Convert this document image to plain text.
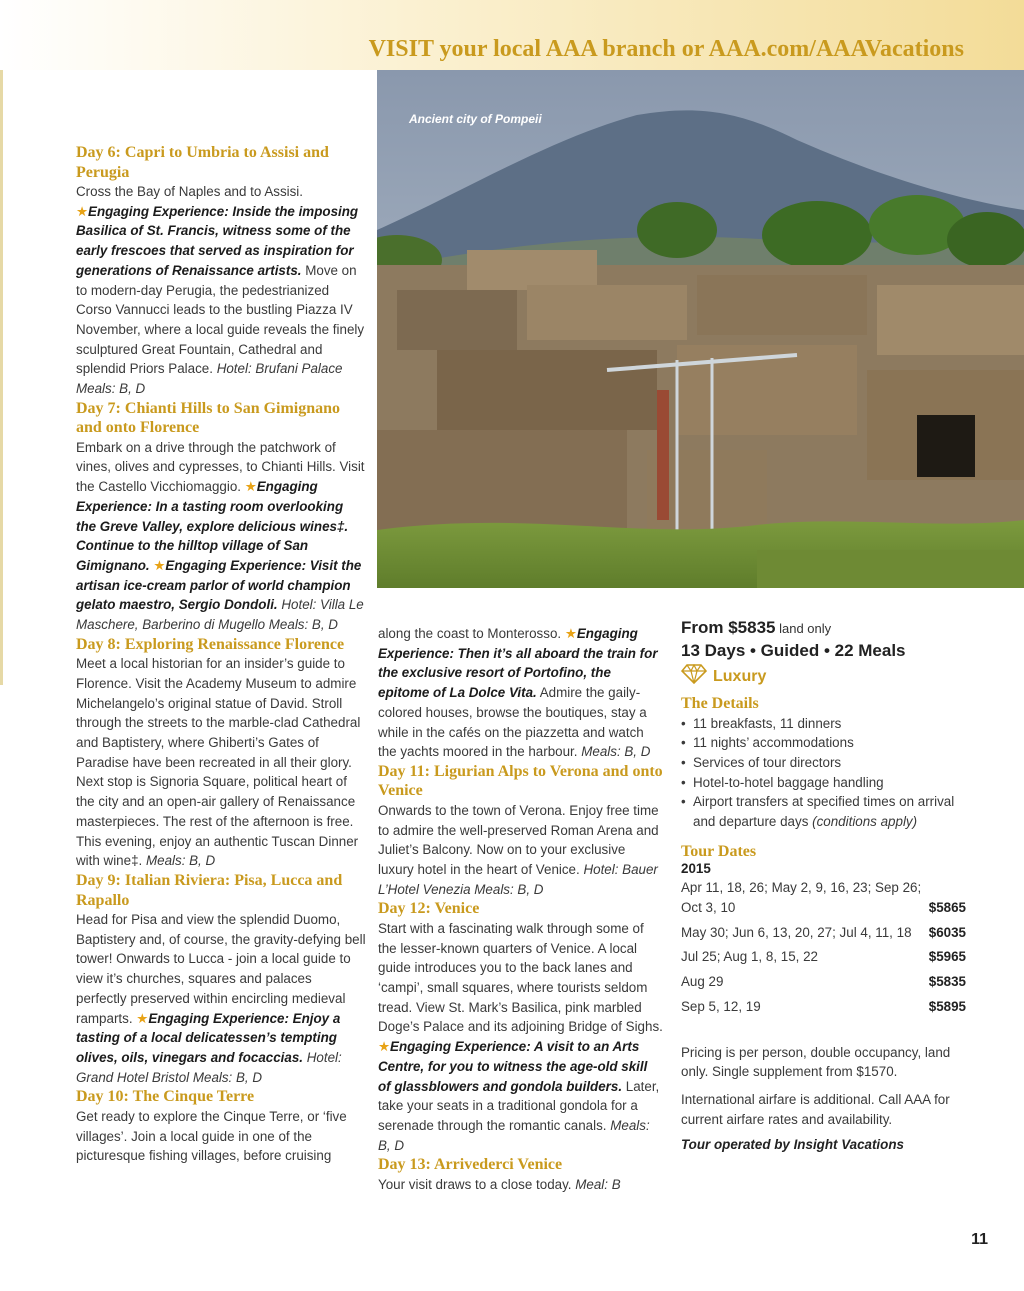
VISIT your local AAA branch or AAA.com/AAAVacations
Ancient city of Pompeii

Day 6: Capri to Umbria to Assisi and Perugia

Cross the Bay of Naples and to Assisi. ★Engaging Experience: Inside the imposing Basilica of St. Francis, witness some of the early frescoes that served as inspiration for generations of Renaissance artists. Move on to modern-day Perugia, the pedestrianized Corso Vannucci leads to the bustling Piazza IV November, where a local guide reveals the finely sculptured Great Fountain, Cathedral and splendid Priors Palace. Hotel: Brufani Palace
Meals: B, D

Day 7: Chianti Hills to San Gimignano and onto Florence

Embark on a drive through the patchwork of vines, olives and cypresses, to Chianti Hills. Visit the Castello Vicchiomaggio. ★Engaging Experience: In a tasting room overlooking the Greve Valley, explore delicious wines‡. Continue to the hilltop village of San Gimignano. ★Engaging Experience: Visit the artisan ice-cream parlor of world champion gelato maestro, Sergio Dondoli. Hotel: Villa Le Maschere, Barberino di Mugello Meals: B, D

Day 8: Exploring Renaissance Florence

Meet a local historian for an insider’s guide to Florence. Visit the Academy Museum to admire Michelangelo’s original statue of David. Stroll through the streets to the marble-clad Cathedral and Baptistery, where Ghiberti’s Gates of Paradise have been recreated in all their glory. Next stop is Signoria Square, political heart of the city and an open-air gallery of Renaissance masterpieces. The rest of the afternoon is free. This evening, enjoy an authentic Tuscan Dinner with wine‡. Meals: B, D

Day 9: Italian Riviera: Pisa, Lucca and Rapallo

Head for Pisa and view the splendid Duomo, Baptistery and, of course, the gravity-defying bell tower! Onwards to Lucca - join a local guide to view it’s churches, squares and palaces perfectly preserved within encircling medieval ramparts. ★Engaging Experience: Enjoy a tasting of a local delicatessen’s tempting olives, oils, vinegars and focaccias. Hotel: Grand Hotel Bristol Meals: B, D

Day 10: The Cinque Terre

Get ready to explore the Cinque Terre, or ‘five villages’. Join a local guide in one of the picturesque fishing villages, before cruising

along the coast to Monterosso. ★Engaging Experience: Then it’s all aboard the train for the exclusive resort of Portofino, the epitome of La Dolce Vita. Admire the gaily-colored houses, browse the boutiques, stay a while in the cafés on the piazzetta and watch the yachts moored in the harbour. Meals: B, D

Day 11: Ligurian Alps to Verona and onto Venice

Onwards to the town of Verona. Enjoy free time to admire the well-preserved Roman Arena and Juliet’s Balcony. Now on to your exclusive luxury hotel in the heart of Venice. Hotel: Bauer L’Hotel Venezia Meals: B, D

Day 12: Venice

Start with a fascinating walk through some of the lesser-known quarters of Venice. A local guide introduces you to the back lanes and ‘campi’, small squares, where tourists seldom tread. View St. Mark’s Basilica, pink marbled Doge’s Palace and its adjoining Bridge of Sighs. ★Engaging Experience: A visit to an Arts Centre, for you to witness the age-old skill of glassblowers and gondola builders. Later, take your seats in a traditional gondola for a serenade through the romantic canals. Meals: B, D

Day 13: Arrivederci Venice

Your visit draws to a close today. Meal: B

From $5835 land only
13 Days • Guided • 22 Meals
Luxury

The Details

• 11 breakfasts, 11 dinners
• 11 nights’ accommodations
• Services of tour directors
• Hotel-to-hotel baggage handling
• Airport transfers at specified times on arrival and departure days (conditions apply)

Tour Dates

2015
Apr 11, 18, 26; May 2, 9, 16, 23; Sep 26; Oct 3, 10	$5865
May 30; Jun 6, 13, 20, 27; Jul 4, 11, 18 $6035
Jul 25; Aug 1, 8, 15, 22	$5965
Aug 29	$5835
Sep 5, 12, 19	$5895

Pricing is per person, double occupancy, land only. Single supplement from $1570.

International airfare is additional. Call AAA for current airfare rates and availability.

Tour operated by Insight Vacations

11
